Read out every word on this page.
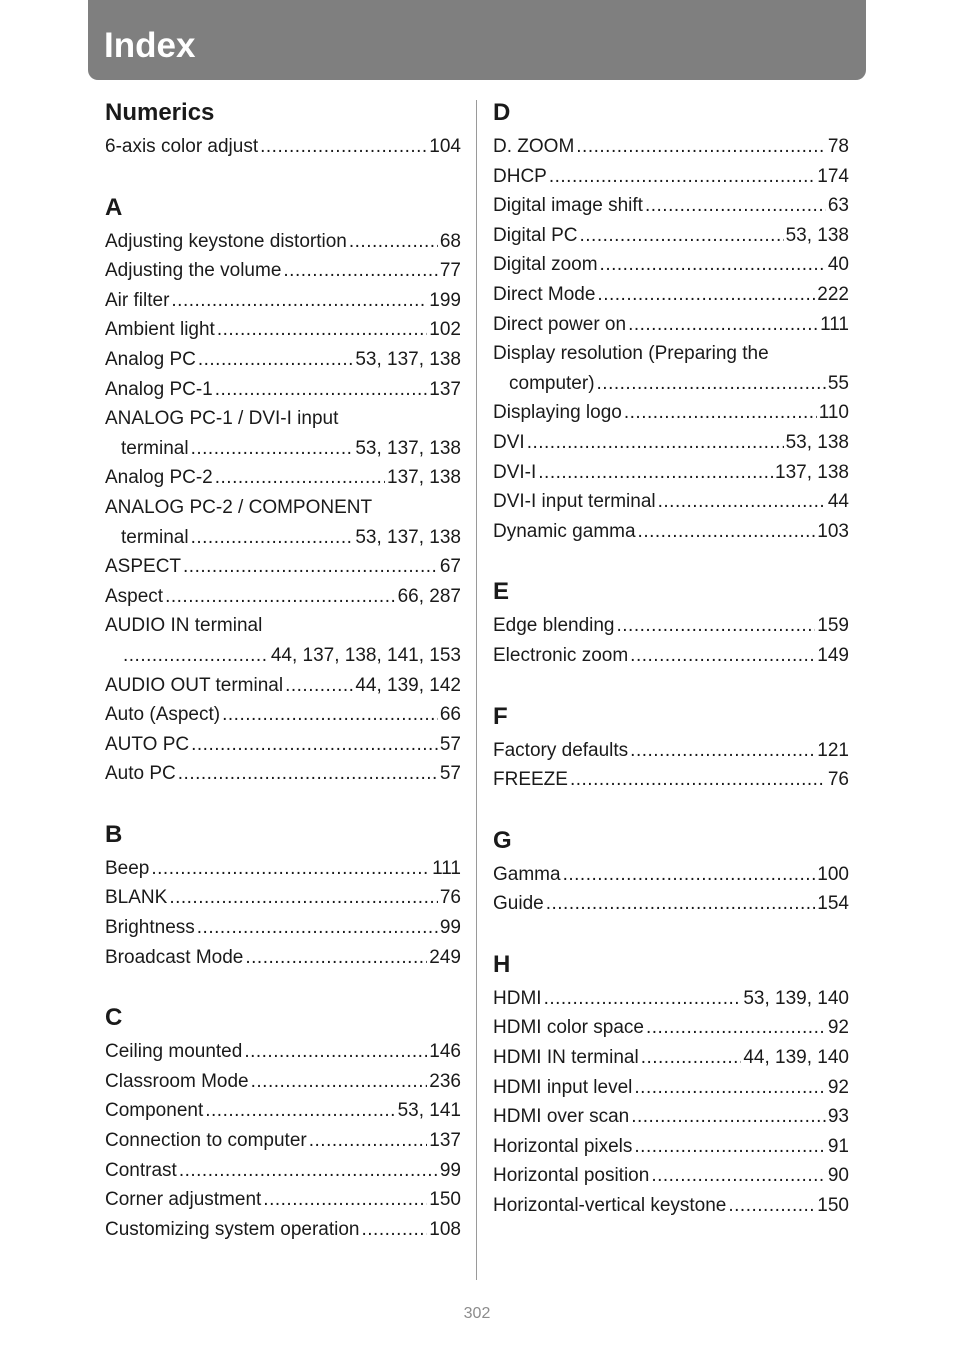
Index
Numerics
6-axis color adjust .....	104
A
Adjusting keystone distortion .....	68
Adjusting the volume .....	77
Air filter .....	199
Ambient light .....	102
Analog PC .....	53, 137, 138
Analog PC-1 .....	137
ANALOG PC-1 / DVI-I input
terminal .....	53, 137, 138
Analog PC-2 .....	137, 138
ANALOG PC-2 / COMPONENT
terminal .....	53, 137, 138
ASPECT .....	67
Aspect .....	66, 287
AUDIO IN terminal
.....
44, 137, 138, 141, 153
AUDIO OUT terminal .....	44, 139, 142
Auto (Aspect) .....	66
AUTO PC .....	57
Auto PC .....	57
B
Beep .....	111
BLANK .....	76
Brightness .....	99
Broadcast Mode .....	249
C
Ceiling mounted .....	146
Classroom Mode .....	236
Component .....	53, 141
Connection to computer .....	137
Contrast .....	99
Corner adjustment .....	150
Customizing system operation .....	108
D
D. ZOOM .....	78
DHCP .....	174
Digital image shift .....	63
Digital PC .....	53, 138
Digital zoom .....	40
Direct Mode .....	222
Direct power on .....	111
Display resolution (Preparing the
computer) .....	55
Displaying logo .....	110
DVI .....	53, 138
DVI-I .....	137, 138
DVI-I input terminal .....	44
Dynamic gamma .....	103
E
Edge blending .....	159
Electronic zoom .....	149
F
Factory defaults .....	121
FREEZE .....	76
G
Gamma .....	100
Guide .....	154
H
HDMI .....	53, 139, 140
HDMI color space .....	92
HDMI IN terminal .....	44, 139, 140
HDMI input level .....	92
HDMI over scan .....	93
Horizontal pixels .....	91
Horizontal position .....	90
Horizontal-vertical keystone .....	150
302
